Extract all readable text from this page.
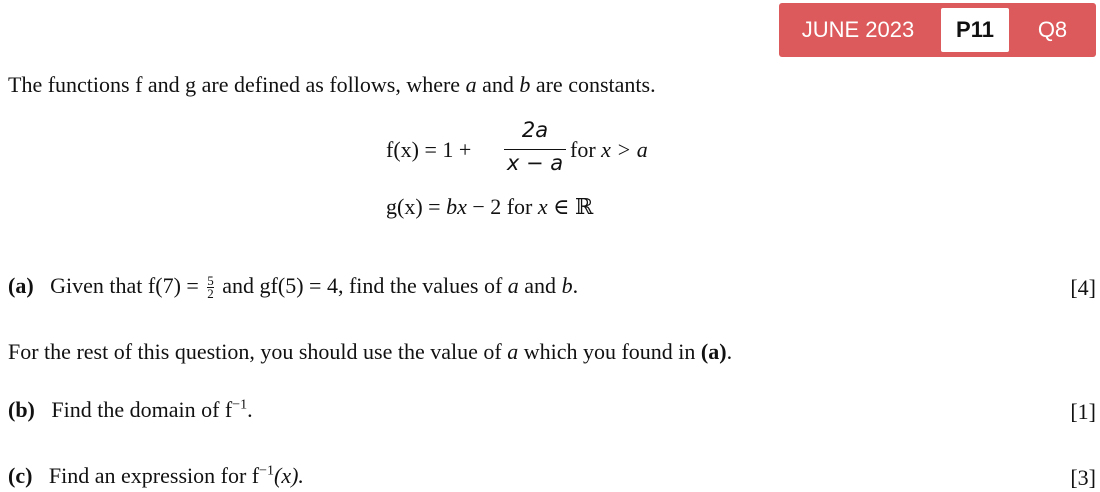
JUNE 2023	P11	Q8
The functions f and g are defined as follows, where a and b are constants.
f(x) = 1 +
2a
x − a
for x > a
g(x) = bx − 2 for x ∈ ℝ
(a) Given that $f(7) = \frac{5}{2}$ and gf(5) = 4, find the values of a and b.	[4]
For the rest of this question, you should use the value of a which you found in (a).
(b) Find the domain of $f^{-1}$.	[1]
(c) Find an expression for $f^{-1}(x)$.	[3]
